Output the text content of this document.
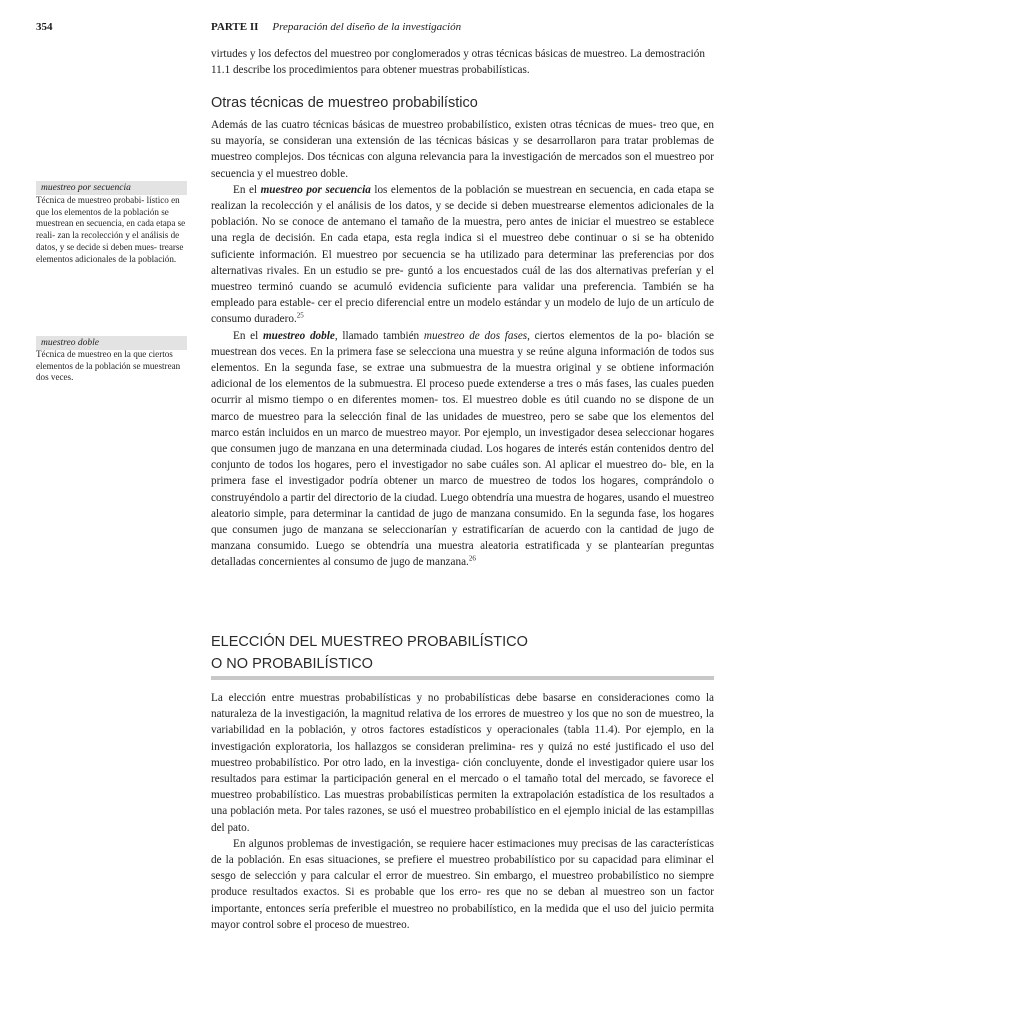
354	PARTE II Preparación del diseño de la investigación

virtudes y los defectos del muestreo por conglomerados y otras técnicas básicas de muestreo. La demostración 11.1 describe los procedimientos para obtener muestras probabilísticas.

Otras técnicas de muestreo probabilístico

Además de las cuatro técnicas básicas de muestreo probabilístico, existen otras técnicas de mues- treo que, en su mayoría, se consideran una extensión de las técnicas básicas y se desarrollaron para tratar problemas de muestreo complejos. Dos técnicas con alguna relevancia para la investigación de mercados son el muestreo por secuencia y el muestreo doble.

En el muestreo por secuencia los elementos de la población se muestrean en secuencia, en cada etapa se realizan la recolección y el análisis de los datos, y se decide si deben muestrearse elementos adicionales de la población. No se conoce de antemano el tamaño de la muestra, pero antes de iniciar el muestreo se establece una regla de decisión. En cada etapa, esta regla indica si el muestreo debe continuar o si se ha obtenido suficiente información. El muestreo por secuencia se ha utilizado para determinar las preferencias por dos alternativas rivales. En un estudio se pre- guntó a los encuestados cuál de las dos alternativas preferían y el muestreo terminó cuando se acumuló evidencia suficiente para validar una preferencia. También se ha empleado para estable- cer el precio diferencial entre un modelo estándar y un modelo de lujo de un artículo de consumo duradero.$^{25}$

En el muestreo doble, llamado también muestreo de dos fases, ciertos elementos de la po- blación se muestrean dos veces. En la primera fase se selecciona una muestra y se reúne alguna información de todos sus elementos. En la segunda fase, se extrae una submuestra de la muestra original y se obtiene información adicional de los elementos de la submuestra. El proceso puede extenderse a tres o más fases, las cuales pueden ocurrir al mismo tiempo o en diferentes momen- tos. El muestreo doble es útil cuando no se dispone de un marco de muestreo para la selección final de las unidades de muestreo, pero se sabe que los elementos del marco están incluidos en un marco de muestreo mayor. Por ejemplo, un investigador desea seleccionar hogares que consumen jugo de manzana en una determinada ciudad. Los hogares de interés están contenidos dentro del conjunto de todos los hogares, pero el investigador no sabe cuáles son. Al aplicar el muestreo do- ble, en la primera fase el investigador podría obtener un marco de muestreo de todos los hogares, comprándolo o construyéndolo a partir del directorio de la ciudad. Luego obtendría una muestra de hogares, usando el muestreo aleatorio simple, para determinar la cantidad de jugo de manzana consumido. En la segunda fase, los hogares que consumen jugo de manzana se seleccionarían y estratificarían de acuerdo con la cantidad de jugo de manzana consumido. Luego se obtendría una muestra aleatoria estratificada y se plantearían preguntas detalladas concernientes al consumo de jugo de manzana.$^{26}$

ELECCIÓN DEL MUESTREO PROBABILÍSTICO
O NO PROBABILÍSTICO

La elección entre muestras probabilísticas y no probabilísticas debe basarse en consideraciones como la naturaleza de la investigación, la magnitud relativa de los errores de muestreo y los que no son de muestreo, la variabilidad en la población, y otros factores estadísticos y operacionales (tabla 11.4). Por ejemplo, en la investigación exploratoria, los hallazgos se consideran prelimina- res y quizá no esté justificado el uso del muestreo probabilístico. Por otro lado, en la investiga- ción concluyente, donde el investigador quiere usar los resultados para estimar la participación general en el mercado o el tamaño total del mercado, se favorece el muestreo probabilístico. Las muestras probabilísticas permiten la extrapolación estadística de los resultados a una población meta. Por tales razones, se usó el muestreo probabilístico en el ejemplo inicial de las estampillas del pato.

En algunos problemas de investigación, se requiere hacer estimaciones muy precisas de las características de la población. En esas situaciones, se prefiere el muestreo probabilístico por su capacidad para eliminar el sesgo de selección y para calcular el error de muestreo. Sin embargo, el muestreo probabilístico no siempre produce resultados exactos. Si es probable que los erro- res que no se deban al muestreo son un factor importante, entonces sería preferible el muestreo no probabilístico, en la medida que el uso del juicio permita mayor control sobre el proceso de muestreo.

muestreo por secuencia
Técnica de muestreo probabi- lístico en que los elementos de la población se muestrean en secuencia, en cada etapa se reali- zan la recolección y el análisis de datos, y se decide si deben mues- trearse elementos adicionales de la población.
muestreo doble
Técnica de muestreo en la que ciertos elementos de la población se muestrean dos veces.
